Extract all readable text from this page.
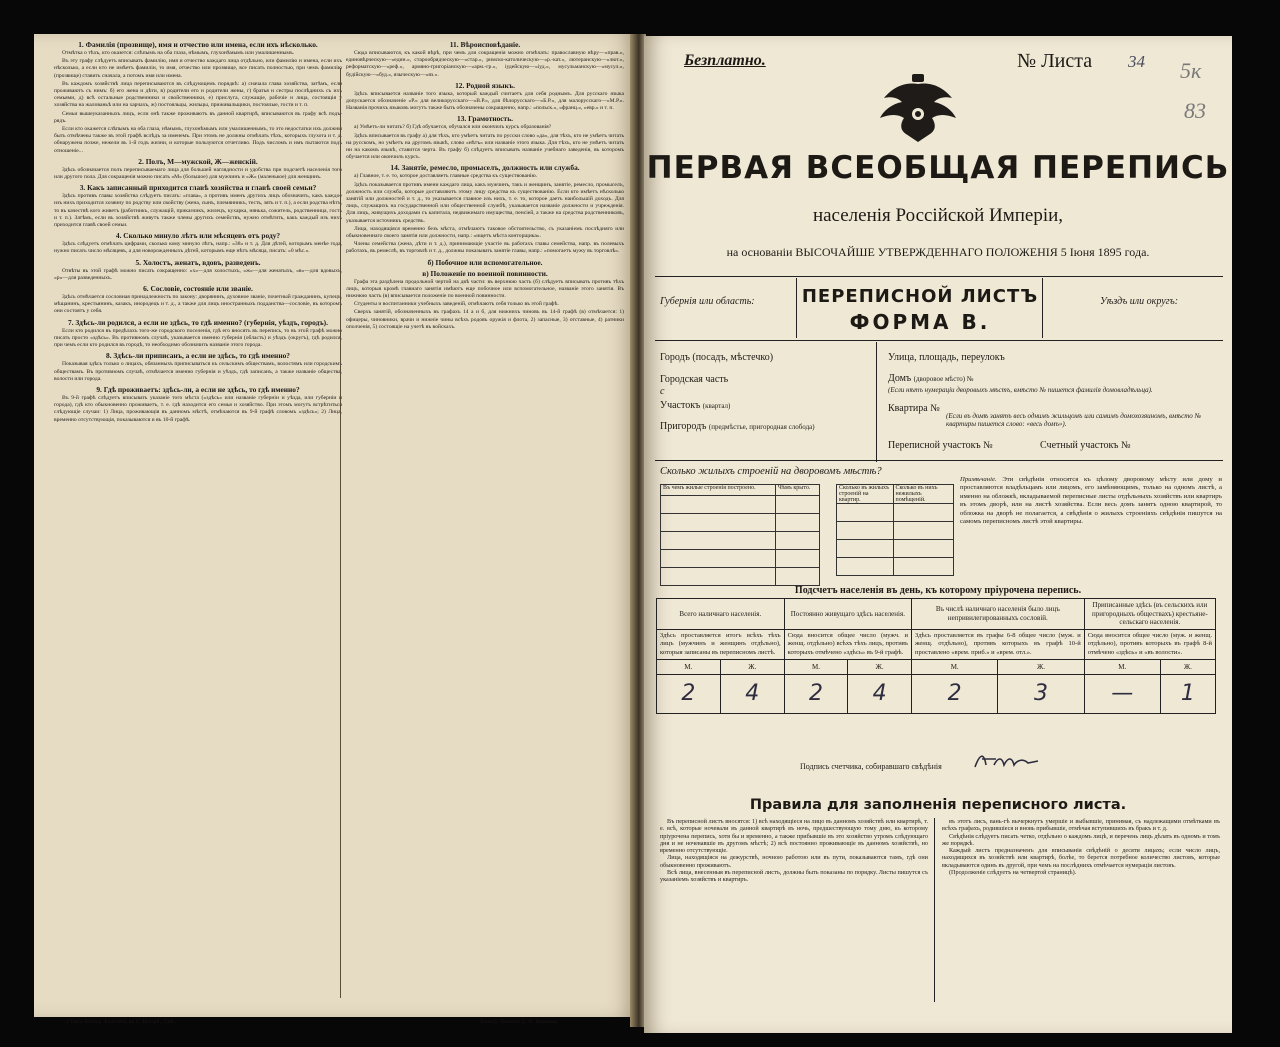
1. Фамилія (прозвище), имя и отчество или имена, если ихъ нѣсколько.

Отмѣтка о тѣхъ, кто оказется: слѣпымъ на оба глаза, нѣмымъ, глухонѣмымъ или умалишеннымъ.

Въ эту графу слѣдуетъ вписывать фамилію, имя и отчество каждаго лица отдѣльно, или фамилію и имена, если ихъ нѣсколько, а если кто не имѣетъ фамиліи, то имя, отчество или прозвище, все писать полностью, при чемъ фамилію (прозвище) ставить сначала, а потомъ имя или имена.

Въ каждомъ хозяйствѣ лица переписываются въ слѣдующемъ порядкѣ: а) сначала глава хозяйства, затѣмъ, если проживаютъ съ нимъ: б) его жена и дѣти, в) родители его и родители жены, г) братья и сестры послѣднихъ съ ихъ семьями, д) всѣ остальные родственники и свойственники, е) прислуга, служащіе, рабочіе и лица, состоящія у хозяйства на жалованьѣ или на харчахъ, ж) постояльцы, жильцы, приживальщики, постоялые, гости и т. п.

Семьи вышеуказанныхъ лицъ, если онѣ также проживаютъ въ данной квартирѣ, вписываются въ графу всѣ подъ-рядъ.

Если кто окажется слѣпымъ на оба глаза, нѣмымъ, глухонѣмымъ или умалишеннымъ, то это недостатки ихъ должны быть отмѣчены также въ этой графѣ вслѣдъ за именемъ. При этомъ не должны отмѣчать тѣхъ, которыхъ глухота и т. д. обнаружена позже, нежели въ 1-й годъ жизни, и которые пользуются отчетливо. Подъ числомъ и имъ пытаются подъ отношеніе...

2. Полъ, М—мужской, Ж—женскій.

Здѣсь обозначается полъ переписываемаго лица для большей наглядности и удобства при подсчетѣ населенія того или другого пола. Для сокращенія можно писать «М» (большое) для мужчинъ и «Ж» (маленькое) для женщинъ.

3. Какъ записанный приходится главѣ хозяйства и главѣ своей семьи?

Здѣсь противъ главы хозяйства слѣдуетъ писать: «глава», а противъ именъ другихъ лицъ обозначить, какъ каждое изъ нихъ приходится хозяину по родству или свойству (жена, сынъ, племянникъ, тесть, зять и т. п.), а если родства нѣтъ, то въ качествѣ кого живетъ (работникъ, служащій, приказчикъ, жилецъ, кухарка, нянька, сожитель, родственница, гость и т. п.). Затѣмъ, если въ хозяйствѣ живутъ также члены другихъ семействъ, нужно отмѣтить, какъ каждый изъ нихъ приходится главѣ своей семьи.

4. Сколько минуло лѣтъ или мѣсяцевъ отъ роду?

Здѣсь слѣдуетъ отмѣчать цифрами, сколько кому минуло лѣтъ, напр.: «38» и т. д. Для дѣтей, которымъ менѣе года, нужно писать число мѣсяцевъ, а для новорожденныхъ дѣтей, которымъ еще нѣтъ мѣсяца, писать: «0 мѣс.».

5. Холостъ, женатъ, вдовъ, разведенъ.

Отвѣты въ этой графѣ можно писать сокращенно: «х»—для холостыхъ, «ж»—для женатыхъ, «в»—для вдовыхъ, «р»—для разведенныхъ.

6. Сословіе, состояніе или званіе.

Здѣсь отмѣчается сословная принадлежность по закону: дворянинъ, духовное званіе, почетный гражданинъ, купецъ, мѣщанинъ, крестьянинъ, казакъ, инородецъ и т. д., а также для лицъ иностранныхъ подданства—сословіе, въ которомъ они состоятъ у себя.

7. Здѣсь-ли родился, а если не здѣсь, то гдѣ именно? (губернія, уѣздъ, городъ).

Если кто родился въ предѣлахъ того-же городского поселенія, гдѣ его вносятъ въ перепись, то въ этой графѣ можно писать просто «здѣсь». Въ противномъ случаѣ, указывается именно губернія (область) и уѣздъ (округъ), гдѣ родился, при чемъ если кто родился въ городѣ, то необходимо обозначить названіе этого города.

8. Здѣсь-ли приписанъ, а если не здѣсь, то гдѣ именно?

Показывая здѣсь только о лицахъ, обязанныхъ приписываться къ сельскимъ обществамъ, волостямъ или городскимъ обществамъ. Въ противномъ случаѣ, отмѣчается именно губернія и уѣздъ, гдѣ записанъ, а также названіе общества, волости или города.

9. Гдѣ проживаетъ: здѣсь-ли, а если не здѣсь, то гдѣ именно?

Въ 9-й графѣ слѣдуетъ вписывать указаніе того мѣста («здѣсь» или названіе губерніи и уѣзда, или губерніи и города), гдѣ кто обыкновенно проживаетъ, т. е. гдѣ находится его семья и хозяйство. При этомъ могутъ встрѣтиться слѣдующіе случаи: 1) Лица, проживающія въ данномъ мѣстѣ, отмѣчаются въ 9-й графѣ словомъ «здѣсь»; 2) Лица, временно отсутствующія, показываются и въ 10-й графѣ.

11. Вѣроисповѣданіе.

Сюда вписываются, къ какой вѣрѣ, при чемъ для сокращенія можно отмѣчать: православную вѣру—«прав.», единовѣрческую—«един.», старообрядческую—«стар.», римско-католическую—«р.-кат.», лютеранскую—«лют.», реформатскую—«реф.», армяно-григоріанскую—«арм.-гр.», іудейскую—«іуд.», мусульманскую—«мусул.», будійскую—«буд.», языческую—«яз.».

12. Родной языкъ.

Здѣсь вписывается названіе того языка, который каждый считаетъ для себя роднымъ. Для русскаго языка допускается обозначеніе «Р.» для великорусскаго—«В.Р.», для бѣлорусскаго—«Б.Р.», для малорусскаго—«М.Р.». Названія прочихъ языковъ могутъ также быть обозначены сокращенно, напр.: «польск.», «франц.», «евр.» и т. п.

13. Грамотность.

а) Умѣетъ-ли читать? б) Гдѣ обучается, обучался или окончилъ курсъ образованія?

Здѣсь вписывается въ графу а) для тѣхъ, кто умѣетъ читать по русски слово «да», для тѣхъ, кто не умѣетъ читать на русскомъ, но умѣетъ на другомъ языкѣ, слово «нѣтъ» или названіе этого языка. Для тѣхъ, кто не умѣетъ читать ни на какомъ языкѣ, ставится черта. Въ графу б) слѣдуетъ вписывать названіе учебнаго заведенія, въ которомъ обучается или окончилъ курсъ.

14. Занятіе, ремесло, промыселъ, должность или служба.

а) Главное, т. е. то, которое доставляетъ главные средства къ существованію.

Здѣсь показывается противъ имени каждаго лица, какъ мужчинъ, такъ и женщинъ, занятіе, ремесло, промыселъ, должность или служба, которые доставляютъ этому лицу средства къ существованію. Если кто имѣетъ нѣсколько занятій или должностей и т. д., то указывается главное изъ нихъ, т. е. то, которое даетъ наибольшій доходъ. Для лицъ, служащихъ на государственной или общественной службѣ, указывается названіе должности и учрежденія. Для лицъ, живущихъ доходами съ капитала, недвижимаго имущества, пенсіей, а также на средства родственниковъ, указывается источникъ средствъ.

Лица, находящіяся временно безъ мѣста, отмѣчаютъ таковое обстоятельство, съ указаніемъ послѣдняго или обыкновеннаго своего занятія или должности, напр.: «ищетъ мѣста конторщика».

Члены семейства (жена, дѣти и т. д.), принимающіе участіе въ работахъ главы семейства, напр. въ полевыхъ работахъ, въ ремеслѣ, въ торговлѣ и т. д., должны показывать занятіе главы, напр.: «помогаетъ мужу въ торговлѣ».

б) Побочное или вспомогательное.

в) Положеніе по военной повинности.

Графа эта раздѣлена продольной чертой на двѣ части: въ верхнюю часть (б) слѣдуетъ вписывать противъ тѣхъ лицъ, которыя кромѣ главнаго занятія имѣютъ еще побочное или вспомогательное, названіе этого занятія. Въ нижнюю часть (в) вписывается положеніе по военной повинности.

Студенты и воспитанники учебныхъ заведеній, отмѣчаютъ себя только въ этой графѣ.

Сверхъ занятій, обозначенныхъ въ графахъ 14 а и б, для нижнихъ чиновъ въ 14-й графѣ (в) отмѣчается: 1) офицеры, чиновники, врачи и нижніе чины всѣхъ родовъ оружія и флота, 2) запасные, 3) отставные, 4) ратники ополченія, 5) состоящіе на учетѣ въ войскахъ.

1 Типо-Литогр. Колотичъ въ С. Петерб., Спб.	Типогр. Печатни С. П. Яковлева
Безплатно.	№ Листа 34 5к
83
ПЕРВАЯ ВСЕОБЩАЯ ПЕРЕПИСЬ
населенія Россійской Имперіи,
на основаніи ВЫСОЧАЙШЕ УТВЕРЖДЕННАГО ПОЛОЖЕНІЯ 5 Іюня 1895 года.
Губернія или область:	Уѣздъ или округъ:
ПЕРЕПИСНОЙ ЛИСТЪ
ФОРМА В.
Городъ (посадъ, мѣстечко)
Городская часть
с
Участокъ (квартал)
Пригородъ (предмѣстье, пригородная слобода)
Улица, площадь, переулокъ
Домъ (дворовое мѣсто) №
(Если нѣтъ нумераціи дворовыхъ мѣстъ, вмѣсто № пишется фамилія домовладѣльца).
Квартира №
(Если въ домѣ занятъ весь однимъ жильцомъ или самимъ домохозяиномъ, вмѣсто № квартиры пишется слово: «весь домъ»).
Переписной участокъ №	Счетный участокъ №
Сколько жилыхъ строеній на дворовомъ мѣстѣ?
Въ чемъ жилые строенія построено.	Чѣмъ крыто.

		Сколько въ жилыхъ строеній на квартир.	Сколько въ нихъ нежилыхъ помѣщеній.

Примѣчаніе. Эти свѣдѣнія относятся къ цѣлому дворовому мѣсту или дому и проставляются владѣльцамъ или лицомъ, его замѣняющимъ, только на одномъ листѣ, а именно на обложкѣ, вкладываемой переписные листы отдѣльныхъ хозяйствъ или квартиръ въ этомъ дворѣ, или на листѣ хозяйства. Если весь домъ занятъ одною квартирой, то обложка на дворѣ не полагается, а свѣдѣнія о жилыхъ строеніяхъ свѣдѣнія пишутся на самомъ переписномъ листѣ этой квартиры.
Подсчетъ населенія въ день, къ которому пріурочена перепись.
Всего наличнаго населенія.		Постоянно живущаго здѣсь населенія.		Въ числѣ наличнаго населенія было лицъ непривилегированныхъ сословій.		Приписанные здѣсь (въ сельскихъ или пригородныхъ обществахъ) крестьяне-сельскаго населенія.	
Здѣсь проставляется итогъ всѣхъ тѣхъ лицъ (мужчинъ и женщинъ отдѣльно), которыя записаны въ переписномъ листѣ.		Сюда вносится общее число (мужч. и женщ. отдѣльно) всѣхъ тѣхъ лицъ, противъ которыхъ отмѣчено «здѣсь» въ 9-й графѣ.		Здѣсь проставляется въ графы 6-8 общее число (муж. и женщ. отдѣльно), противъ которыхъ въ графѣ 10-й проставлено «врем. приб.» и «врем. отл.».		Сюда вносится общее число (муж. и женщ. отдѣльно), противъ которыхъ въ графѣ 8-й отмѣчено «здѣсь» и «въ волости».	
М.	Ж.	М.	Ж.	М.	Ж.	М.	Ж.
2	4	2	4	2	3	—	1
Подпись счетчика, собиравшаго свѣдѣнія
Правила для заполненія переписного листа.

Въ переписной листъ вносятся: 1) всѣ находящіеся на лицо въ данномъ хозяйствѣ или квартирѣ, т. е. всѣ, которые ночевали въ данной квартирѣ въ ночь, предшествующую тому дню, къ которому пріурочена перепись, хотя бы и временно, а также прибывшіе въ это хозяйство утромъ слѣдующаго дня и не ночевавшіе въ другомъ мѣстѣ; 2) всѣ постоянно проживающіе въ данномъ хозяйствѣ, но временно отсутствующіе.

Лица, находящіяся на дежурствѣ, ночною работою или въ пути, показываются тамъ, гдѣ они обыкновенно проживаютъ.

Всѣ лица, внесенныя въ переписной листъ, должны быть показаны по порядку. Листы пишутся съ указаніемъ хозяйствъ и квартиръ.

въ этотъ лисъ, вань-гѣ вычеркнутъ умершіе и выбывшіе, принимая, съ надлежащими отмѣтками въ всѣхъ графахъ, родившіеся и вновь прибывшіе, отмѣчая вступившихъ въ бракъ и т. д.

Свѣдѣнія слѣдуетъ писать четко, отдѣльно о каждомъ лицѣ, и перечень лицъ дѣлать въ одномъ и томъ же порядкѣ.

Каждый листъ предназначенъ для вписыванія свѣдѣній о десяти лицахъ; если число лицъ, находящихся въ хозяйствѣ или квартирѣ, болѣе, то берется потребное количество листовъ, которые вкладываются одинъ въ другой, при чемъ на послѣднихъ отмѣчается нумерація листовъ.

(Продолженіе слѣдуетъ на четвертой страницѣ).
